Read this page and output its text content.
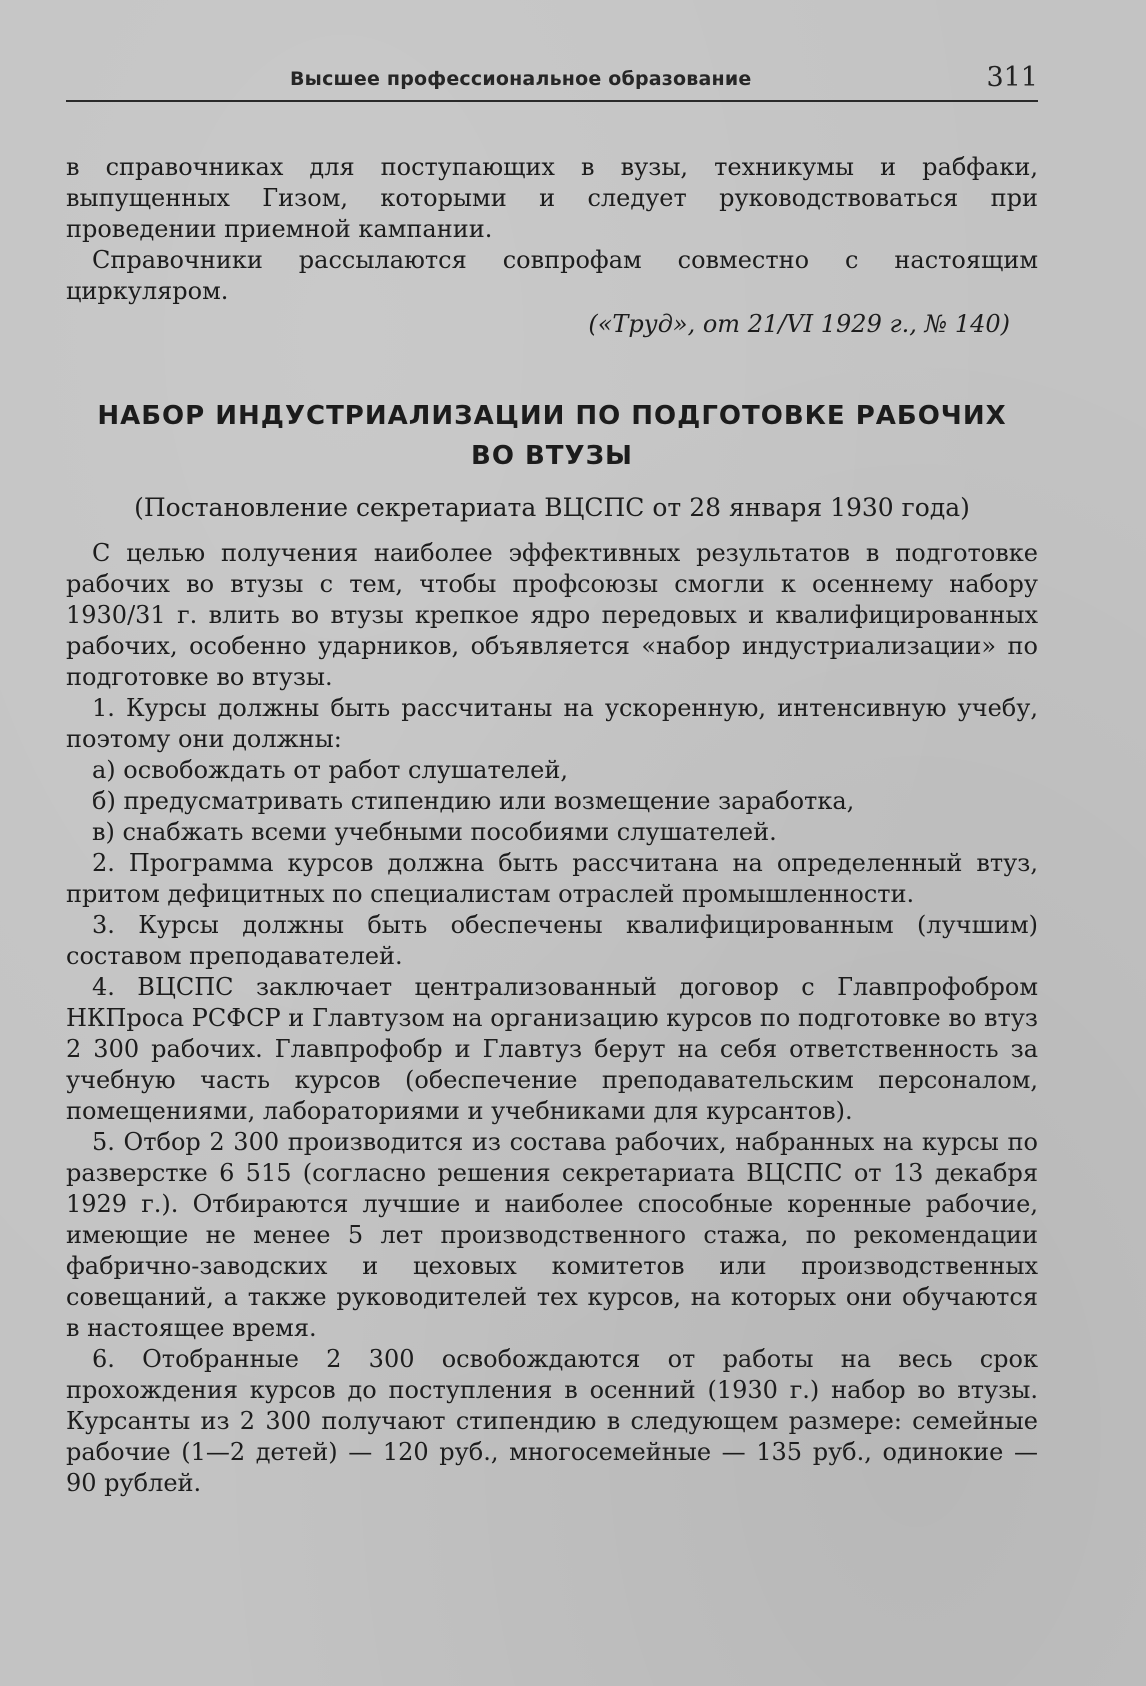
Высшее профессиональное образование	311

в справочниках для поступающих в вузы, техникумы и рабфаки, выпущенных Гизом, которыми и следует руководствоваться при проведении приемной кампании.

Справочники рассылаются совпрофам совместно с настоящим циркуляром.

(«Труд», от 21/VI 1929 г., № 140)

НАБОР ИНДУСТРИАЛИЗАЦИИ ПО ПОДГОТОВКЕ РАБОЧИХ
ВО ВТУЗЫ
(Постановление секретариата ВЦСПС от 28 января 1930 года)

С целью получения наиболее эффективных результатов в подготовке рабочих во втузы с тем, чтобы профсоюзы смогли к осеннему набору 1930/31 г. влить во втузы крепкое ядро передовых и квалифицированных рабочих, особенно ударников, объявляется «набор индустриализации» по подготовке во втузы.

1. Курсы должны быть рассчитаны на ускоренную, интенсивную учебу, поэтому они должны:

а) освобождать от работ слушателей,

б) предусматривать стипендию или возмещение заработка,

в) снабжать всеми учебными пособиями слушателей.

2. Программа курсов должна быть рассчитана на определенный втуз, притом дефицитных по специалистам отраслей промышленности.

3. Курсы должны быть обеспечены квалифицированным (лучшим) составом преподавателей.

4. ВЦСПС заключает централизованный договор с Главпрофобром НКПроса РСФСР и Главтузом на организацию курсов по подготовке во втуз 2 300 рабочих. Главпрофобр и Главтуз берут на себя ответственность за учебную часть курсов (обеспечение преподавательским персоналом, помещениями, лабораториями и учебниками для курсантов).

5. Отбор 2 300 производится из состава рабочих, набранных на курсы по разверстке 6 515 (согласно решения секретариата ВЦСПС от 13 декабря 1929 г.). Отбираются лучшие и наиболее способные коренные рабочие, имеющие не менее 5 лет производственного стажа, по рекомендации фабрично-заводских и цеховых комитетов или производственных совещаний, а также руководителей тех курсов, на которых они обучаются в настоящее время.

6. Отобранные 2 300 освобождаются от работы на весь срок прохождения курсов до поступления в осенний (1930 г.) набор во втузы. Курсанты из 2 300 получают стипендию в следующем размере: семейные рабочие (1—2 детей) — 120 руб., многосемейные — 135 руб., одинокие — 90 рублей.
